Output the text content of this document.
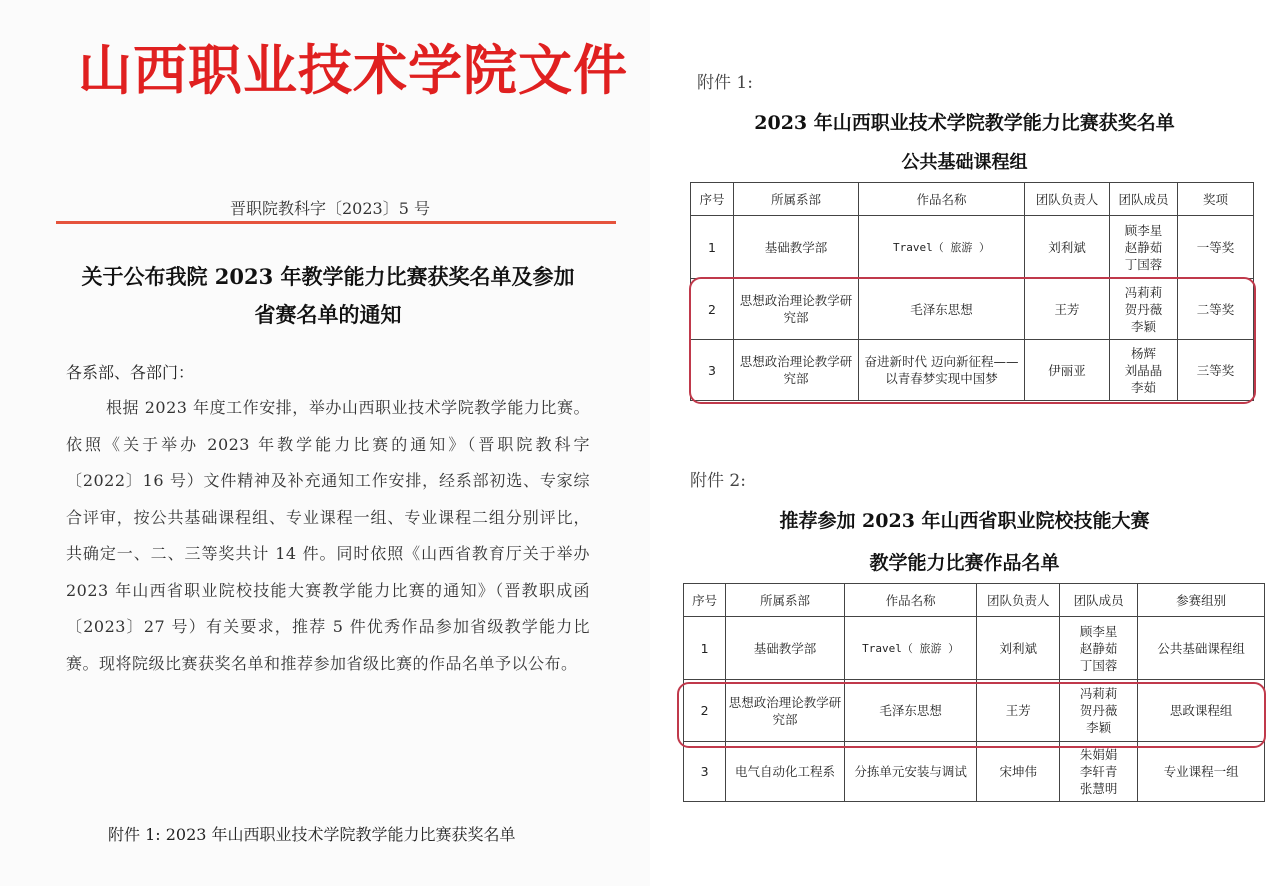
山西职业技术学院文件
晋职院教科字〔2023〕5 号
关于公布我院 2023 年教学能力比赛获奖名单及参加
省赛名单的通知
各系部、各部门：
根据 2023 年度工作安排，举办山西职业技术学院教学能力比赛。依照《关于举办 2023 年教学能力比赛的通知》（晋职院教科字〔2022〕16 号）文件精神及补充通知工作安排，经系部初选、专家综合评审，按公共基础课程组、专业课程一组、专业课程二组分别评比，共确定一、二、三等奖共计 14 件。同时依照《山西省教育厅关于举办 2023 年山西省职业院校技能大赛教学能力比赛的通知》（晋教职成函〔2023〕27 号）有关要求，推荐 5 件优秀作品参加省级教学能力比赛。现将院级比赛获奖名单和推荐参加省级比赛的作品名单予以公布。
附件 1: 2023 年山西职业技术学院教学能力比赛获奖名单
附件 1:
2023 年山西职业技术学院教学能力比赛获奖名单
公共基础课程组
序号	所属系部	作品名称	团队负责人	团队成员	奖项
1	基础教学部	Travel（ 旅游 ）	刘利斌	顾李星
赵静茹
丁国蓉	一等奖
2	思想政治理论教学研究部	毛泽东思想	王芳	冯莉莉
贺丹薇
李颖	二等奖
3	思想政治理论教学研究部	奋进新时代 迈向新征程——以青春梦实现中国梦	伊丽亚	杨辉
刘晶晶
李茹	三等奖
附件 2:
推荐参加 2023 年山西省职业院校技能大赛
教学能力比赛作品名单
序号	所属系部	作品名称	团队负责人	团队成员	参赛组别
1	基础教学部	Travel（ 旅游 ）	刘利斌	顾李星
赵静茹
丁国蓉	公共基础课程组
2	思想政治理论教学研究部	毛泽东思想	王芳	冯莉莉
贺丹薇
李颖	思政课程组
3	电气自动化工程系	分拣单元安装与调试	宋坤伟	朱娟娟
李轩青
张慧明	专业课程一组
